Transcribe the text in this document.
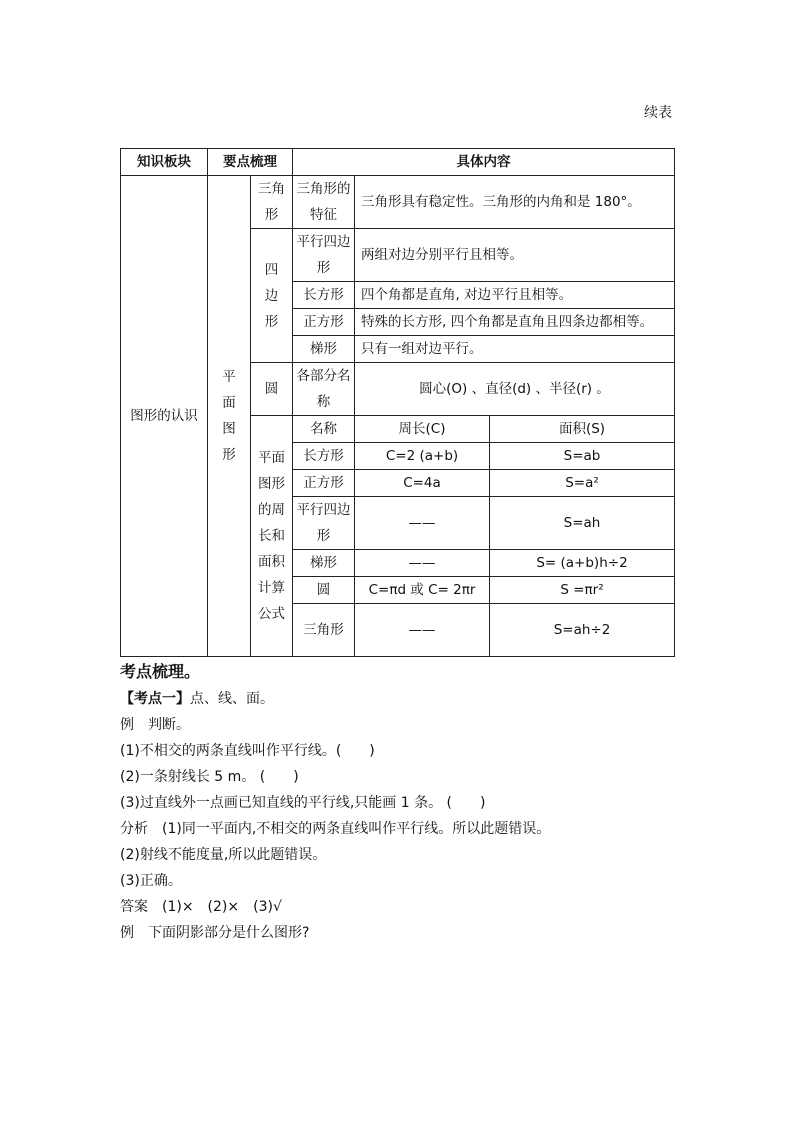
续表
知识板块	要点梳理		具体内容		
图形的认识	平面图形	三角形	三角形的特征	三角形具有稳定性。三角形的内角和是 180°。	

		四边形	平行四边形	两组对边分别平行且相等。	
			长方形	四个角都是直角, 对边平行且相等。	
			正方形	特殊的长方形, 四个角都是直角且四条边都相等。	
			梯形	只有一组对边平行。	
		圆	各部分名称	圆心(O) 、直径(d) 、半径(r) 。	

		平面图形的周长和面积计算公式	名称	周长(C)	面积(S)
			长方形	C=2 (a+b)	S=ab
			正方形	C=4a	S=a²

			平行四边形	——	S=ah
			梯形	——	S= (a+b)h÷2
			圆	C=πd 或 C= 2πr	S =πr²
			三角形	——	S=ah÷2
考点梳理。
【考点一】点、线、面。
例　判断。
(1)不相交的两条直线叫作平行线。(　　)
(2)一条射线长 5 m。 (　　)
(3)过直线外一点画已知直线的平行线,只能画 1 条。 (　　)
分析　(1)同一平面内,不相交的两条直线叫作平行线。所以此题错误。
(2)射线不能度量,所以此题错误。
(3)正确。
答案　(1)×　(2)×　(3)√
例　下面阴影部分是什么图形?
